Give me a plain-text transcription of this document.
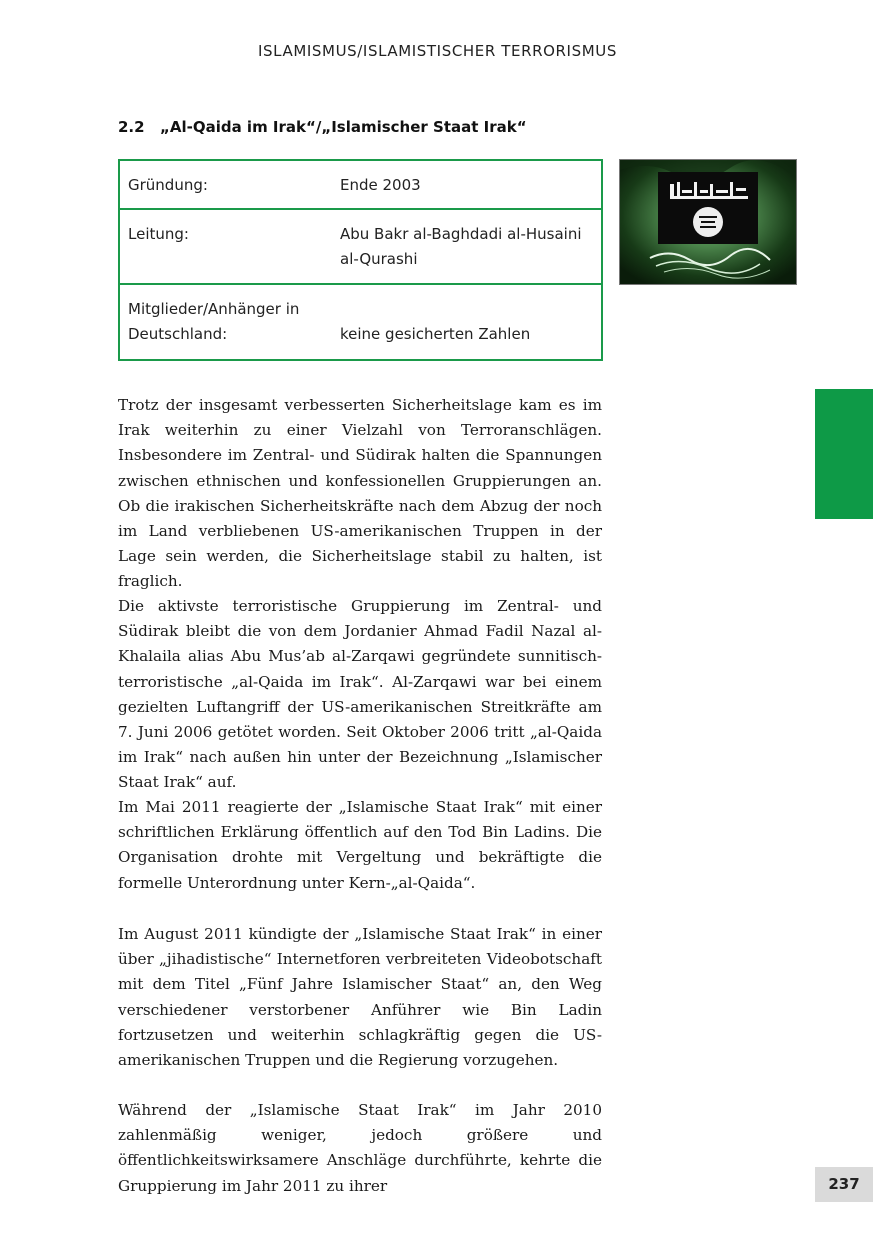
ISLAMISMUS/ISLAMISTISCHER TERRORISMUS
2.2 „Al-Qaida im Irak“/„Islamischer Staat Irak“
Gründung:	Ende 2003
Leitung:	Abu Bakr al-Baghdadi al-Husaini al-Qurashi
Mitglieder/Anhänger in Deutschland:	keine gesicherten Zahlen

Trotz der insgesamt verbesserten Sicherheitslage kam es im Irak weiterhin zu einer Vielzahl von Terroranschlägen. Insbesondere im Zentral- und Südirak halten die Spannungen zwischen ethnischen und konfessionellen Gruppierungen an. Ob die irakischen Sicherheitskräfte nach dem Abzug der noch im Land verbliebenen US-amerikanischen Truppen in der Lage sein werden, die Sicherheitslage stabil zu halten, ist fraglich.

Die aktivste terroristische Gruppierung im Zentral- und Südirak bleibt die von dem Jordanier Ahmad Fadil Nazal al-Khalaila alias Abu Mus’ab al-Zarqawi gegründete sunnitisch-terroristische „al-Qaida im Irak“. Al-Zarqawi war bei einem gezielten Luftangriff der US-amerikanischen Streitkräfte am 7. Juni 2006 getötet worden. Seit Oktober 2006 tritt „al-Qaida im Irak“ nach außen hin unter der Bezeichnung „Islamischer Staat Irak“ auf.

Im Mai 2011 reagierte der „Islamische Staat Irak“ mit einer schriftlichen Erklärung öffentlich auf den Tod Bin Ladins. Die Organisation drohte mit Vergeltung und bekräftigte die formelle Unterordnung unter Kern-„al-Qaida“.

Im August 2011 kündigte der „Islamische Staat Irak“ in einer über „jihadistische“ Internetforen verbreiteten Videobotschaft mit dem Titel „Fünf Jahre Islamischer Staat“ an, den Weg verschiedener verstorbener Anführer wie Bin Ladin fortzusetzen und weiterhin schlagkräftig gegen die US-amerikanischen Truppen und die Regierung vorzugehen.

Während der „Islamische Staat Irak“ im Jahr 2010 zahlenmäßig weniger, jedoch größere und öffentlichkeitswirksamere Anschläge durchführte, kehrte die Gruppierung im Jahr 2011 zu ihrer	237
